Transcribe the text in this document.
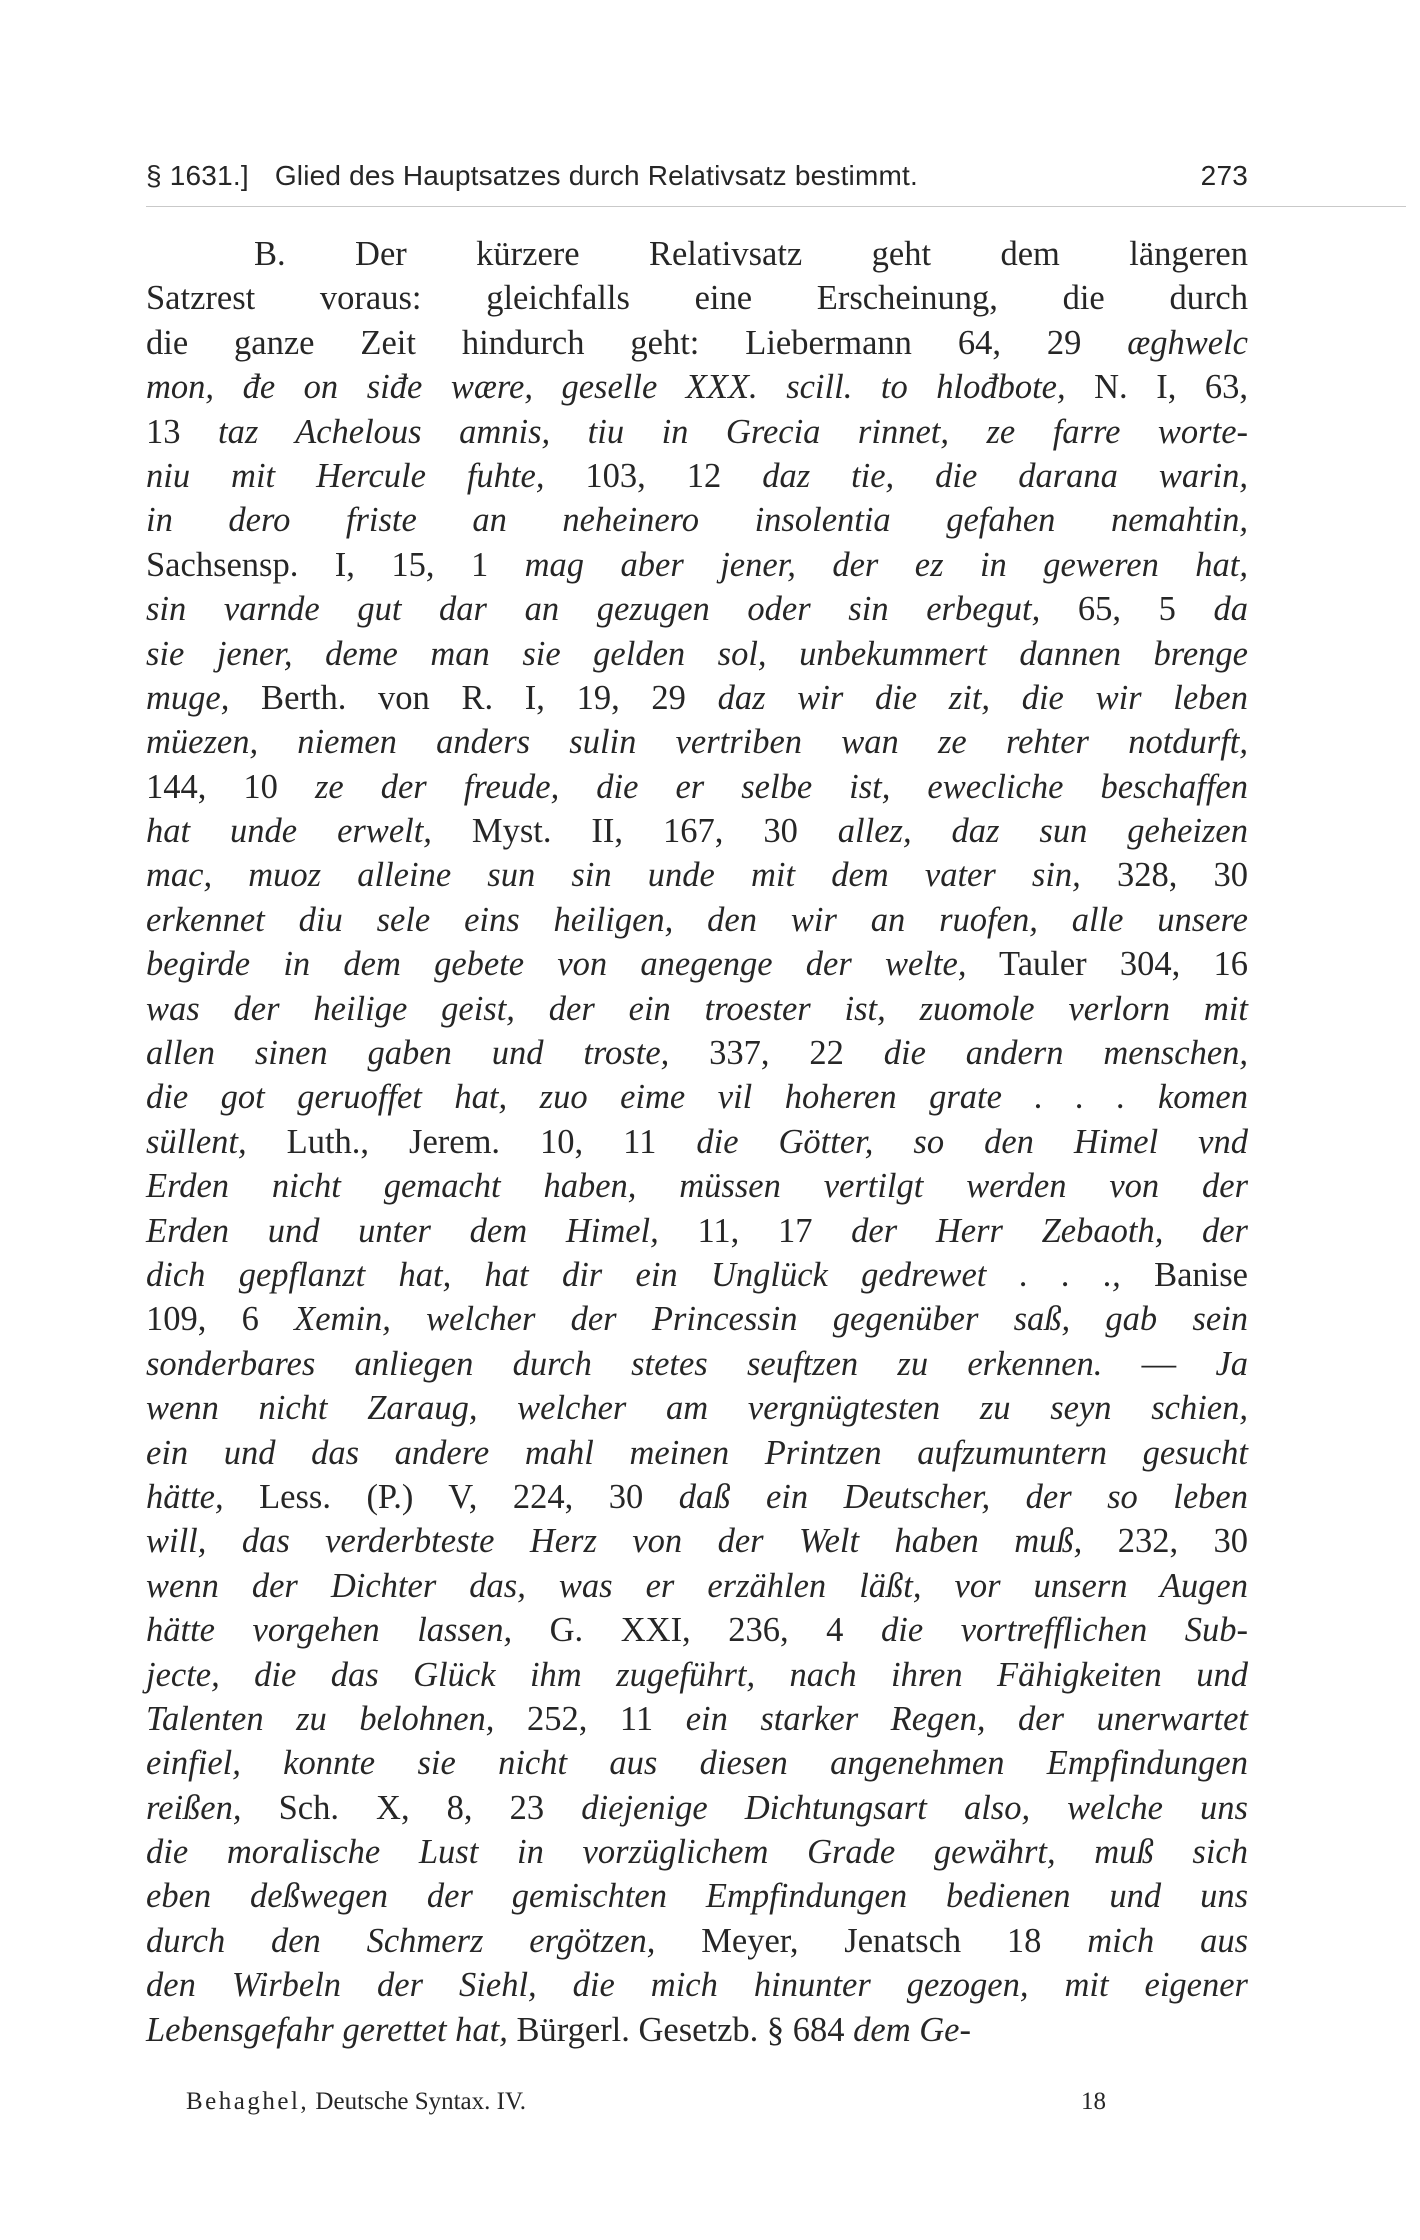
§ 1631.] Glied des Hauptsatzes durch Relativsatz bestimmt.	273
B. Der kürzere Relativsatz geht dem längeren
Satzrest voraus: gleichfalls eine Erscheinung, die durch
die ganze Zeit hindurch geht: Liebermann 64, 29 æghwelc
mon, đe on siđe wære, geselle XXX. scill. to hlođbote, N. I, 63,
13 taz Achelous amnis, tiu in Grecia rinnet, ze farre worte-
niu mit Hercule fuhte, 103, 12 daz tie, die darana warin,
in dero friste an neheinero insolentia gefahen nemahtin,
Sachsensp. I, 15, 1 mag aber jener, der ez in geweren hat,
sin varnde gut dar an gezugen oder sin erbegut, 65, 5 da
sie jener, deme man sie gelden sol, unbekummert dannen brenge
muge, Berth. von R. I, 19, 29 daz wir die zit, die wir leben
müezen, niemen anders sulin vertriben wan ze rehter notdurft,
144, 10 ze der freude, die er selbe ist, ewecliche beschaffen
hat unde erwelt, Myst. II, 167, 30 allez, daz sun geheizen
mac, muoz alleine sun sin unde mit dem vater sin, 328, 30
erkennet diu sele eins heiligen, den wir an ruofen, alle unsere
begirde in dem gebete von anegenge der welte, Tauler 304, 16
was der heilige geist, der ein troester ist, zuomole verlorn mit
allen sinen gaben und troste, 337, 22 die andern menschen,
die got geruoffet hat, zuo eime vil hoheren grate . . . komen
süllent, Luth., Jerem. 10, 11 die Götter, so den Himel vnd
Erden nicht gemacht haben, müssen vertilgt werden von der
Erden und unter dem Himel, 11, 17 der Herr Zebaoth, der
dich gepflanzt hat, hat dir ein Unglück gedrewet . . ., Banise
109, 6 Xemin, welcher der Princessin gegenüber saß, gab sein
sonderbares anliegen durch stetes seuftzen zu erkennen. — Ja
wenn nicht Zaraug, welcher am vergnügtesten zu seyn schien,
ein und das andere mahl meinen Printzen aufzumuntern gesucht
hätte, Less. (P.) V, 224, 30 daß ein Deutscher, der so leben
will, das verderbteste Herz von der Welt haben muß, 232, 30
wenn der Dichter das, was er erzählen läßt, vor unsern Augen
hätte vorgehen lassen, G. XXI, 236, 4 die vortrefflichen Sub-
jecte, die das Glück ihm zugeführt, nach ihren Fähigkeiten und
Talenten zu belohnen, 252, 11 ein starker Regen, der unerwartet
einfiel, konnte sie nicht aus diesen angenehmen Empfindungen
reißen, Sch. X, 8, 23 diejenige Dichtungsart also, welche uns
die moralische Lust in vorzüglichem Grade gewährt, muß sich
eben deßwegen der gemischten Empfindungen bedienen und uns
durch den Schmerz ergötzen, Meyer, Jenatsch 18 mich aus
den Wirbeln der Siehl, die mich hinunter gezogen, mit eigener
Lebensgefahr gerettet hat, Bürgerl. Gesetzb. § 684 dem Ge-
Behaghel, Deutsche Syntax. IV.	18
